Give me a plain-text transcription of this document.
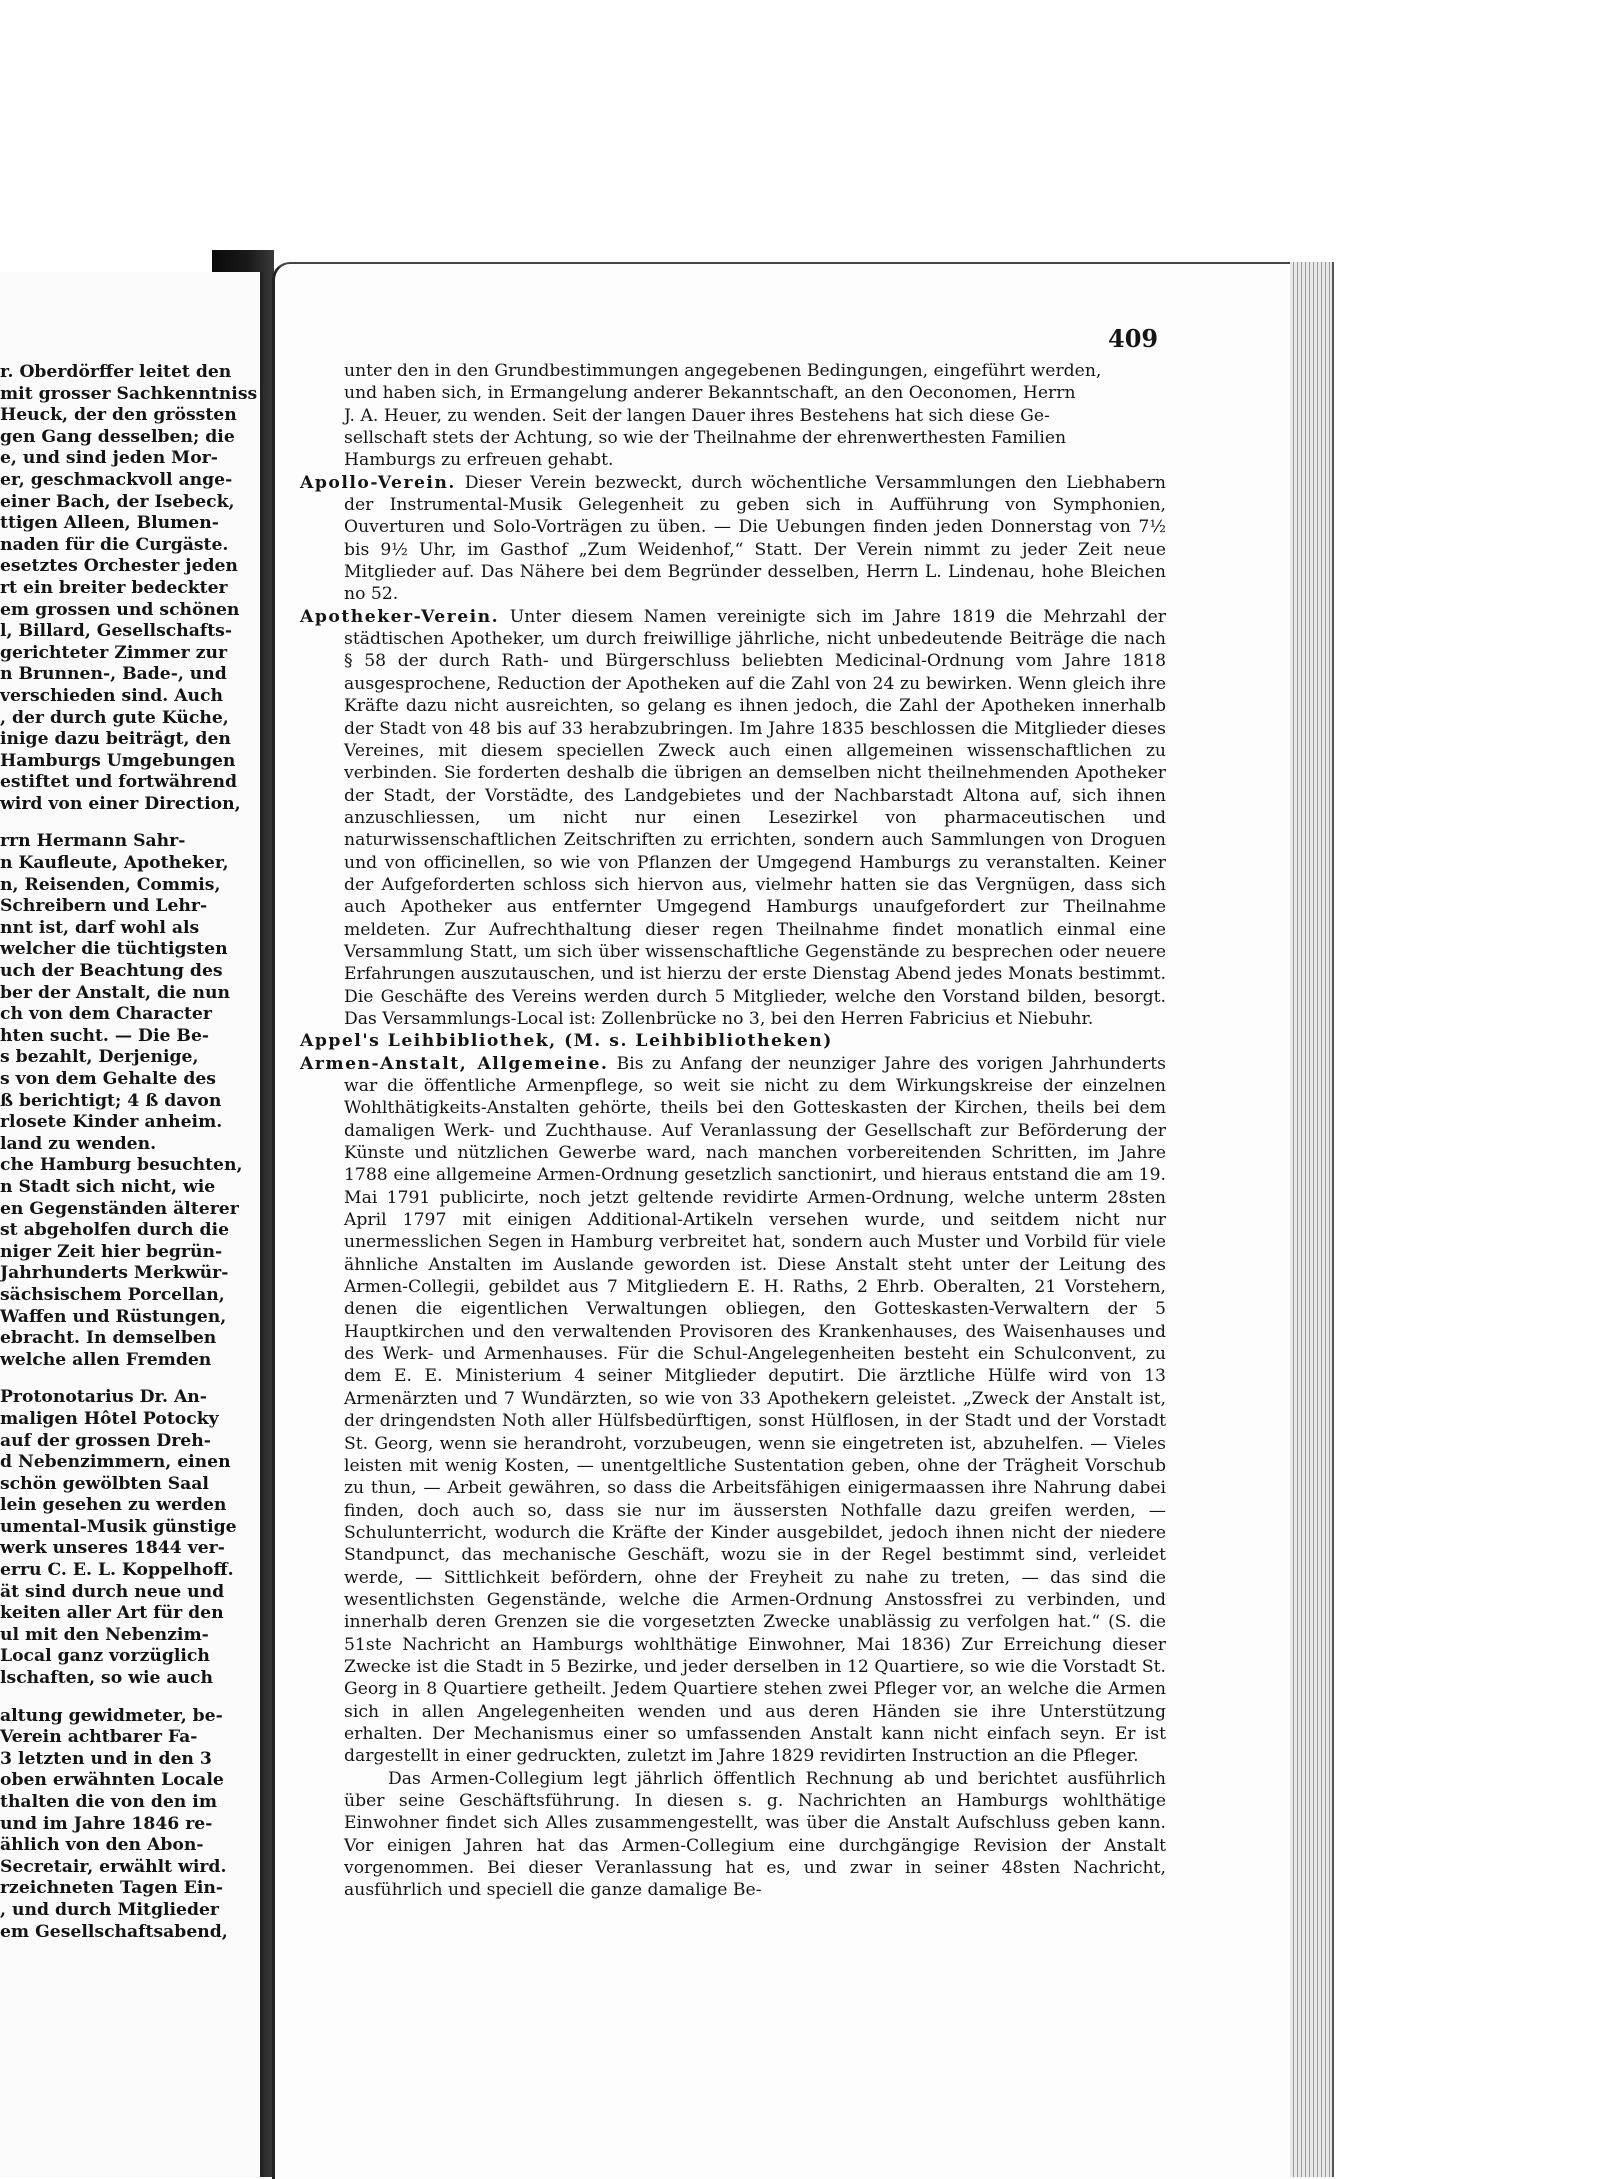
r. Oberdörffer leitet den
mit grosser Sachkenntniss
Heuck, der den grössten
gen Gang desselben; die
e, und sind jeden Mor-
er, geschmackvoll ange-
einer Bach, der Isebeck,
ttigen Alleen, Blumen-
naden für die Curgäste.
esetztes Orchester jeden
rt ein breiter bedeckter
em grossen und schönen
l, Billard, Gesellschafts-
gerichteter Zimmer zur
n Brunnen-, Bade-, und
verschieden sind. Auch
, der durch gute Küche,
inige dazu beiträgt, den
Hamburgs Umgebungen
estiftet und fortwährend
wird von einer Direction,
rrn Hermann Sahr-
n Kaufleute, Apotheker,
n, Reisenden, Commis,
Schreibern und Lehr-
nnt ist, darf wohl als
welcher die tüchtigsten
uch der Beachtung des
ber der Anstalt, die nun
ch von dem Character
hten sucht. — Die Be-
s bezahlt, Derjenige,
s von dem Gehalte des
ß berichtigt; 4 ß davon
rlosete Kinder anheim.
land zu wenden.
che Hamburg besuchten,
n Stadt sich nicht, wie
en Gegenständen älterer
st abgeholfen durch die
niger Zeit hier begrün-
Jahrhunderts Merkwür-
sächsischem Porcellan,
Waffen und Rüstungen,
ebracht. In demselben
welche allen Fremden
Protonotarius Dr. An-
maligen Hôtel Potocky
auf der grossen Dreh-
d Nebenzimmern, einen
schön gewölbten Saal
lein gesehen zu werden
umental-Musik günstige
werk unseres 1844 ver-
erru C. E. L. Koppelhoff.
ät sind durch neue und
keiten aller Art für den
ul mit den Nebenzim-
Local ganz vorzüglich
lschaften, so wie auch
altung gewidmeter, be-
Verein achtbarer Fa-
3 letzten und in den 3
oben erwähnten Locale
thalten die von den im
und im Jahre 1846 re-
ählich von den Abon-
Secretair, erwählt wird.
rzeichneten Tagen Ein-
, und durch Mitglieder
em Gesellschaftsabend,
409
unter den in den Grundbestimmungen angegebenen Bedingungen, eingeführt werden,
und haben sich, in Ermangelung anderer Bekanntschaft, an den Oeconomen, Herrn
J. A. Heuer, zu wenden. Seit der langen Dauer ihres Bestehens hat sich diese Ge-
sellschaft stets der Achtung, so wie der Theilnahme der ehrenwerthesten Familien
Hamburgs zu erfreuen gehabt.
Apollo-Verein. Dieser Verein bezweckt, durch wöchentliche Versammlungen den Liebhabern der Instrumental-Musik Gelegenheit zu geben sich in Aufführung von Symphonien, Ouverturen und Solo-Vorträgen zu üben. — Die Uebungen finden jeden Donnerstag von 7½ bis 9½ Uhr, im Gasthof „Zum Weidenhof,“ Statt. Der Verein nimmt zu jeder Zeit neue Mitglieder auf. Das Nähere bei dem Begründer desselben, Herrn L. Lindenau, hohe Bleichen no 52.
Apotheker-Verein. Unter diesem Namen vereinigte sich im Jahre 1819 die Mehrzahl der städtischen Apotheker, um durch freiwillige jährliche, nicht unbedeutende Beiträge die nach § 58 der durch Rath- und Bürgerschluss beliebten Medicinal-Ordnung vom Jahre 1818 ausgesprochene, Reduction der Apotheken auf die Zahl von 24 zu bewirken. Wenn gleich ihre Kräfte dazu nicht ausreichten, so gelang es ihnen jedoch, die Zahl der Apotheken innerhalb der Stadt von 48 bis auf 33 herabzubringen. Im Jahre 1835 beschlossen die Mitglieder dieses Vereines, mit diesem speciellen Zweck auch einen allgemeinen wissenschaftlichen zu verbinden. Sie forderten deshalb die übrigen an demselben nicht theilnehmenden Apotheker der Stadt, der Vorstädte, des Landgebietes und der Nachbarstadt Altona auf, sich ihnen anzuschliessen, um nicht nur einen Lesezirkel von pharmaceutischen und naturwissenschaftlichen Zeitschriften zu errichten, sondern auch Sammlungen von Droguen und von officinellen, so wie von Pflanzen der Umgegend Hamburgs zu veranstalten. Keiner der Aufgeforderten schloss sich hiervon aus, vielmehr hatten sie das Vergnügen, dass sich auch Apotheker aus entfernter Umgegend Hamburgs unaufgefordert zur Theilnahme meldeten. Zur Aufrechthaltung dieser regen Theilnahme findet monatlich einmal eine Versammlung Statt, um sich über wissenschaftliche Gegenstände zu besprechen oder neuere Erfahrungen auszutauschen, und ist hierzu der erste Dienstag Abend jedes Monats bestimmt. Die Geschäfte des Vereins werden durch 5 Mitglieder, welche den Vorstand bilden, besorgt. Das Versammlungs-Local ist: Zollenbrücke no 3, bei den Herren Fabricius et Niebuhr.
Appel's Leihbibliothek, (M. s. Leihbibliotheken)
Armen-Anstalt, Allgemeine. Bis zu Anfang der neunziger Jahre des vorigen Jahrhunderts war die öffentliche Armenpflege, so weit sie nicht zu dem Wirkungskreise der einzelnen Wohlthätigkeits-Anstalten gehörte, theils bei den Gotteskasten der Kirchen, theils bei dem damaligen Werk- und Zuchthause. Auf Veranlassung der Gesellschaft zur Beförderung der Künste und nützlichen Gewerbe ward, nach manchen vorbereitenden Schritten, im Jahre 1788 eine allgemeine Armen-Ordnung gesetzlich sanctionirt, und hieraus entstand die am 19. Mai 1791 publicirte, noch jetzt geltende revidirte Armen-Ordnung, welche unterm 28sten April 1797 mit einigen Additional-Artikeln versehen wurde, und seitdem nicht nur unermesslichen Segen in Hamburg verbreitet hat, sondern auch Muster und Vorbild für viele ähnliche Anstalten im Auslande geworden ist. Diese Anstalt steht unter der Leitung des Armen-Collegii, gebildet aus 7 Mitgliedern E. H. Raths, 2 Ehrb. Oberalten, 21 Vorstehern, denen die eigentlichen Verwaltungen obliegen, den Gotteskasten-Verwaltern der 5 Hauptkirchen und den verwaltenden Provisoren des Krankenhauses, des Waisenhauses und des Werk- und Armenhauses. Für die Schul-Angelegenheiten besteht ein Schulconvent, zu dem E. E. Ministerium 4 seiner Mitglieder deputirt. Die ärztliche Hülfe wird von 13 Armenärzten und 7 Wundärzten, so wie von 33 Apothekern geleistet. „Zweck der Anstalt ist, der dringendsten Noth aller Hülfsbedürftigen, sonst Hülflosen, in der Stadt und der Vorstadt St. Georg, wenn sie herandroht, vorzubeugen, wenn sie eingetreten ist, abzuhelfen. — Vieles leisten mit wenig Kosten, — unentgeltliche Sustentation geben, ohne der Trägheit Vorschub zu thun, — Arbeit gewähren, so dass die Arbeitsfähigen einigermaassen ihre Nahrung dabei finden, doch auch so, dass sie nur im äussersten Nothfalle dazu greifen werden, — Schulunterricht, wodurch die Kräfte der Kinder ausgebildet, jedoch ihnen nicht der niedere Standpunct, das mechanische Geschäft, wozu sie in der Regel bestimmt sind, verleidet werde, — Sittlichkeit befördern, ohne der Freyheit zu nahe zu treten, — das sind die wesentlichsten Gegenstände, welche die Armen-Ordnung Anstossfrei zu verbinden, und innerhalb deren Grenzen sie die vorgesetzten Zwecke unablässig zu verfolgen hat.“ (S. die 51ste Nachricht an Hamburgs wohlthätige Einwohner, Mai 1836) Zur Erreichung dieser Zwecke ist die Stadt in 5 Bezirke, und jeder derselben in 12 Quartiere, so wie die Vorstadt St. Georg in 8 Quartiere getheilt. Jedem Quartiere stehen zwei Pfleger vor, an welche die Armen sich in allen Angelegenheiten wenden und aus deren Händen sie ihre Unterstützung erhalten. Der Mechanismus einer so umfassenden Anstalt kann nicht einfach seyn. Er ist dargestellt in einer gedruckten, zuletzt im Jahre 1829 revidirten Instruction an die Pfleger.
Das Armen-Collegium legt jährlich öffentlich Rechnung ab und berichtet ausführlich über seine Geschäftsführung. In diesen s. g. Nachrichten an Hamburgs wohlthätige Einwohner findet sich Alles zusammengestellt, was über die Anstalt Aufschluss geben kann. Vor einigen Jahren hat das Armen-Collegium eine durchgängige Revision der Anstalt vorgenommen. Bei dieser Veranlassung hat es, und zwar in seiner 48sten Nachricht, ausführlich und speciell die ganze damalige Be-
